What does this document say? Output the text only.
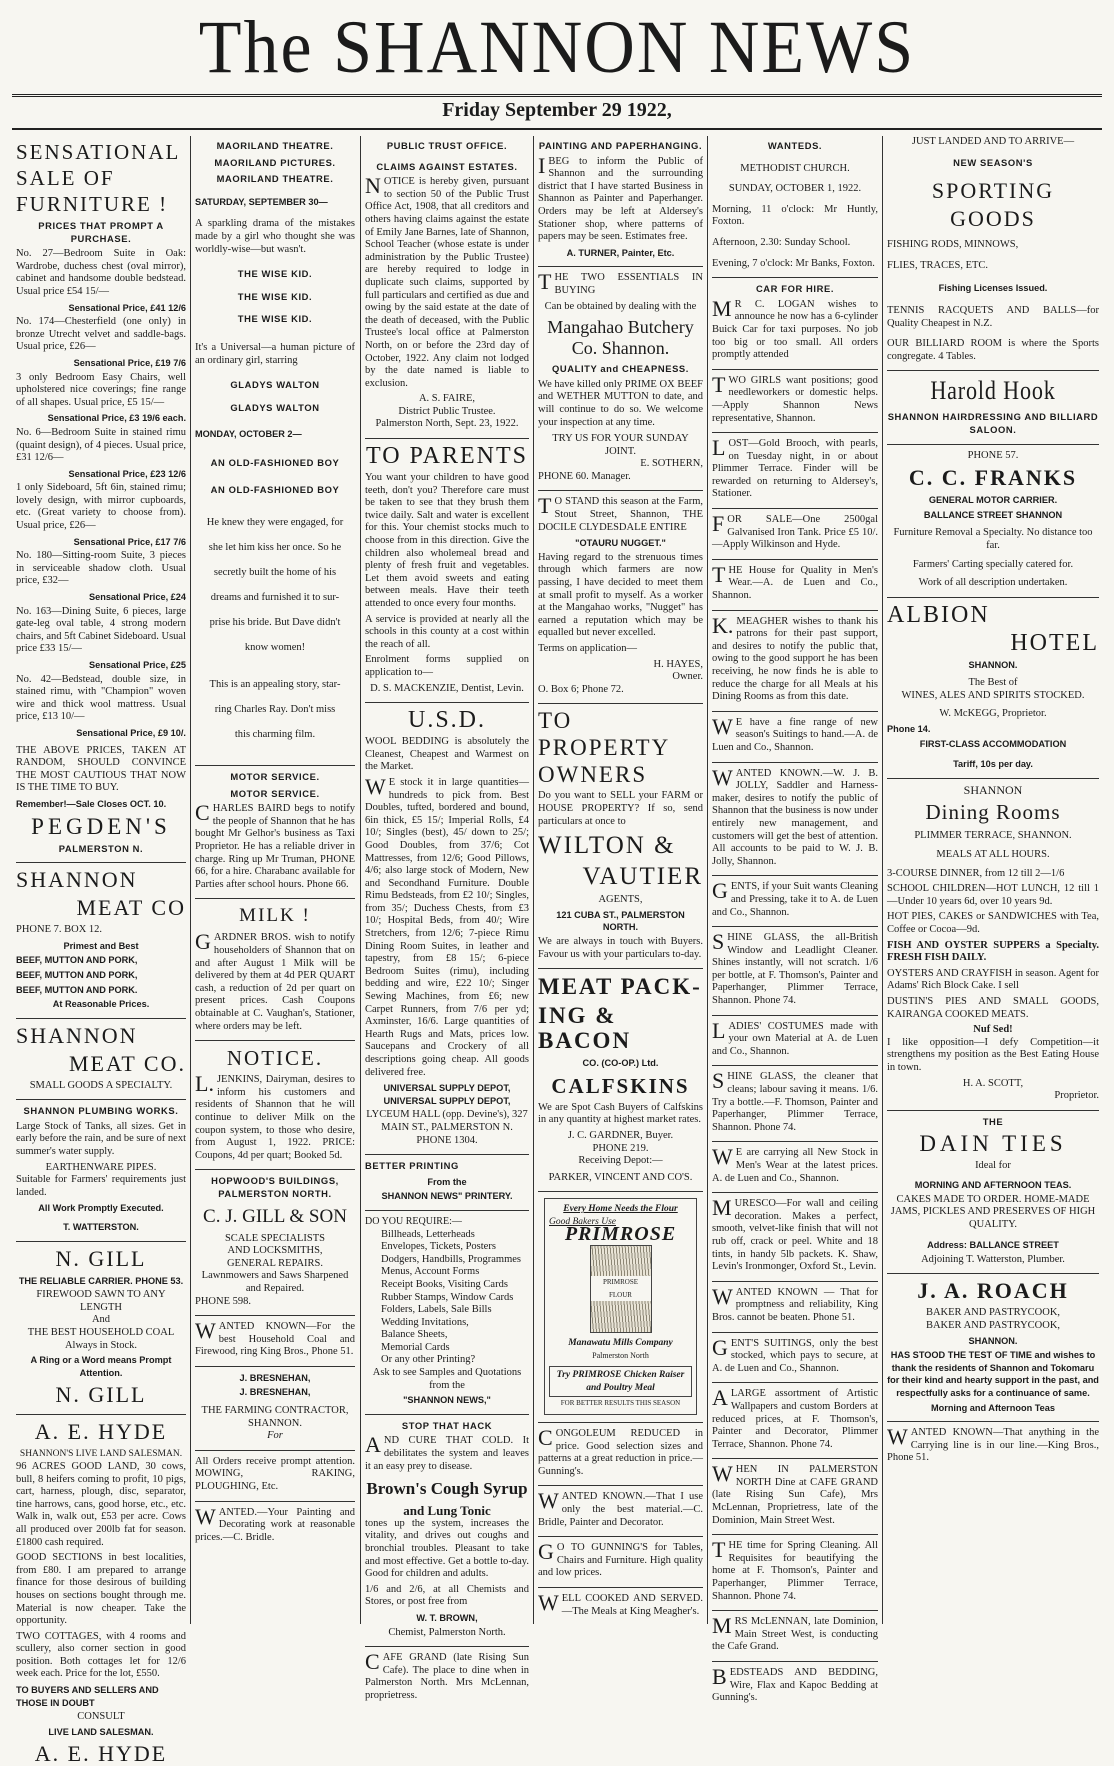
The SHANNON NEWS
Friday September 29 1922,
SENSATIONAL
SALE OF
FURNITURE !
PRICES THAT PROMPT A PURCHASE.
No. 27—Bedroom Suite in Oak: Wardrobe, duchess chest (oval mirror), cabinet and handsome double bedstead. Usual price £54 15/—
Sensational Price, £41 12/6
No. 174—Chesterfield (one only) in bronze Utrecht velvet and saddle-bags. Usual price, £26—
Sensational Price, £19 7/6
3 only Bedroom Easy Chairs, well upholstered nice coverings; fine range of all shapes. Usual price, £5 15/—
Sensational Price, £3 19/6 each.
No. 6—Bedroom Suite in stained rimu (quaint design), of 4 pieces. Usual price, £31 12/6—
Sensational Price, £23 12/6
1 only Sideboard, 5ft 6in, stained rimu; lovely design, with mirror cupboards, etc. (Great variety to choose from). Usual price, £26—
Sensational Price, £17 7/6
No. 180—Sitting-room Suite, 3 pieces in serviceable shadow cloth. Usual price, £32—
Sensational Price, £24
No. 163—Dining Suite, 6 pieces, large gate-leg oval table, 4 strong modern chairs, and 5ft Cabinet Sideboard. Usual price £33 15/—
Sensational Price, £25
No. 42—Bedstead, double size, in stained rimu, with "Champion" woven wire and thick wool mattress. Usual price, £13 10/—
Sensational Price, £9 10/.
THE ABOVE PRICES, TAKEN AT RANDOM, SHOULD CONVINCE THE MOST CAUTIOUS THAT NOW IS THE TIME TO BUY.
Remember!—Sale Closes OCT. 10.
PEGDEN'S
PALMERSTON N.
SHANNON
MEAT CO
PHONE 7. BOX 12.
Primest and Best
BEEF, MUTTON AND PORK,
BEEF, MUTTON AND PORK,
BEEF, MUTTON AND PORK.
At Reasonable Prices.
SHANNON
MEAT CO.
SMALL GOODS A SPECIALTY.
SHANNON PLUMBING WORKS.
Large Stock of Tanks, all sizes. Get in early before the rain, and be sure of next summer's water supply.
EARTHENWARE PIPES.
Suitable for Farmers' requirements just landed.
All Work Promptly Executed.
T. WATTERSTON.
N. GILL
THE RELIABLE CARRIER. PHONE 53.
FIREWOOD SAWN TO ANY LENGTH
And
THE BEST HOUSEHOLD COAL Always in Stock.
A Ring or a Word means Prompt Attention.
N. GILL
A. E. HYDE
SHANNON'S LIVE LAND SALESMAN.
96 ACRES GOOD LAND, 30 cows, bull, 8 heifers coming to profit, 10 pigs, cart, harness, plough, disc, separator, tine harrows, cans, good horse, etc., etc. Walk in, walk out, £53 per acre. Cows all produced over 200lb fat for season. £1800 cash required.
GOOD SECTIONS in best localities, from £80. I am prepared to arrange finance for those desirous of building houses on sections bought through me. Material is now cheaper. Take the opportunity.
TWO COTTAGES, with 4 rooms and scullery, also corner section in good position. Both cottages let for 12/6 week each. Price for the lot, £550.
TO BUYERS AND SELLERS AND THOSE IN DOUBT
CONSULT
LIVE LAND SALESMAN.
A. E. HYDE
MAORILAND THEATRE.
MAORILAND PICTURES.
MAORILAND THEATRE.
SATURDAY, SEPTEMBER 30—
A sparkling drama of the mistakes made by a girl who thought she was worldly-wise—but wasn't.
THE WISE KID.
THE WISE KID.
THE WISE KID.
It's a Universal—a human picture of an ordinary girl, starring
GLADYS WALTON
GLADYS WALTON
MONDAY, OCTOBER 2—
AN OLD-FASHIONED BOY
AN OLD-FASHIONED BOY
He knew they were engaged, for
she let him kiss her once. So he
secretly built the home of his
dreams and furnished it to sur-
prise his bride. But Dave didn't
know women!
This is an appealing story, star-
ring Charles Ray. Don't miss
this charming film.
MOTOR SERVICE.
MOTOR SERVICE.
CHARLES BAIRD begs to notify the people of Shannon that he has bought Mr Gelhor's business as Taxi Proprietor. He has a reliable driver in charge. Ring up Mr Truman, PHONE 66, for a hire. Charabanc available for Parties after school hours. Phone 66.
MILK !
GARDNER BROS. wish to notify householders of Shannon that on and after August 1 Milk will be delivered by them at 4d PER QUART cash, a reduction of 2d per quart on present prices. Cash Coupons obtainable at C. Vaughan's, Stationer, where orders may be left.
NOTICE.
L.JENKINS, Dairyman, desires to inform his customers and residents of Shannon that he will continue to deliver Milk on the coupon system, to those who desire, from August 1, 1922. PRICE: Coupons, 4d per quart; Booked 5d.
HOPWOOD'S BUILDINGS, PALMERSTON NORTH.
C. J. GILL & SON
SCALE SPECIALISTS
AND LOCKSMITHS,
GENERAL REPAIRS.
Lawnmowers and Saws Sharpened and Repaired.
PHONE 598.
WANTED KNOWN—For the best Household Coal and Firewood, ring King Bros., Phone 51.
J. BRESNEHAN,
J. BRESNEHAN,
THE FARMING CONTRACTOR, SHANNON.
For
All Orders receive prompt attention. MOWING, RAKING, PLOUGHING, Etc.
WANTED.—Your Painting and Decorating work at reasonable prices.—C. Bridle.
PUBLIC TRUST OFFICE.
CLAIMS AGAINST ESTATES.
NOTICE is hereby given, pursuant to section 50 of the Public Trust Office Act, 1908, that all creditors and others having claims against the estate of Emily Jane Barnes, late of Shannon, School Teacher (whose estate is under administration by the Public Trustee) are hereby required to lodge in duplicate such claims, supported by full particulars and certified as due and owing by the said estate at the date of the death of deceased, with the Public Trustee's local office at Palmerston North, on or before the 23rd day of October, 1922. Any claim not lodged by the date named is liable to exclusion.
A. S. FAIRE,
District Public Trustee.
Palmerston North, Sept. 23, 1922.
TO PARENTS
You want your children to have good teeth, don't you? Therefore care must be taken to see that they brush them twice daily. Salt and water is excellent for this. Your chemist stocks much to choose from in this direction. Give the children also wholemeal bread and plenty of fresh fruit and vegetables. Let them avoid sweets and eating between meals. Have their teeth attended to once every four months.
A service is provided at nearly all the schools in this county at a cost within the reach of all.
Enrolment forms supplied on application to—
D. S. MACKENZIE, Dentist, Levin.
U.S.D.
WOOL BEDDING is absolutely the Cleanest, Cheapest and Warmest on the Market.
WE stock it in large quantities—hundreds to pick from. Best Doubles, tufted, bordered and bound, 6in thick, £5 15/; Imperial Rolls, £4 10/; Singles (best), 45/ down to 25/; Good Doubles, from 37/6; Cot Mattresses, from 12/6; Good Pillows, 4/6; also large stock of Modern, New and Secondhand Furniture. Double Rimu Bedsteads, from £2 10/; Singles, from 35/; Duchess Chests, from £3 10/; Hospital Beds, from 40/; Wire Stretchers, from 12/6; 7-piece Rimu Dining Room Suites, in leather and tapestry, from £8 15/; 6-piece Bedroom Suites (rimu), including bedding and wire, £22 10/; Singer Sewing Machines, from £6; new Carpet Runners, from 7/6 per yd; Axminster, 16/6. Large quantities of Hearth Rugs and Mats, prices low. Saucepans and Crockery of all descriptions going cheap. All goods delivered free.
UNIVERSAL SUPPLY DEPOT, UNIVERSAL SUPPLY DEPOT,
LYCEUM HALL (opp. Devine's), 327 MAIN ST., PALMERSTON N. PHONE 1304.
BETTER PRINTING
From the
SHANNON NEWS" PRINTERY.
DO YOU REQUIRE:—
Billheads, Letterheads
Envelopes, Tickets, Posters
Dodgers, Handbills, Programmes
Menus, Account Forms
Receipt Books, Visiting Cards
Rubber Stamps, Window Cards
Folders, Labels, Sale Bills
Wedding Invitations,
Balance Sheets,
Memorial Cards
Or any other Printing?
Ask to see Samples and Quotations from the
"SHANNON NEWS,"
STOP THAT HACK
AND CURE THAT COLD. It debilitates the system and leaves it an easy prey to disease.
Brown's Cough Syrup
and Lung Tonic
tones up the system, increases the vitality, and drives out coughs and bronchial troubles. Pleasant to take and most effective. Get a bottle to-day. Good for children and adults.
1/6 and 2/6, at all Chemists and Stores, or post free from
W. T. BROWN,
Chemist, Palmerston North.
CAFE GRAND (late Rising Sun Cafe). The place to dine when in Palmerston North. Mrs McLennan, proprietress.
PAINTING AND PAPERHANGING.
IBEG to inform the Public of Shannon and the surrounding district that I have started Business in Shannon as Painter and Paperhanger. Orders may be left at Aldersey's Stationer shop, where patterns of papers may be seen. Estimates free.
A. TURNER, Painter, Etc.
THE TWO ESSENTIALS IN BUYING
Can be obtained by dealing with the
Mangahao Butchery Co. Shannon.
QUALITY and CHEAPNESS.
We have killed only PRIME OX BEEF and WETHER MUTTON to date, and will continue to do so. We welcome your inspection at any time.
TRY US FOR YOUR SUNDAY JOINT.
E. SOTHERN,
PHONE 60. Manager.
TO STAND this season at the Farm, Stout Street, Shannon, THE DOCILE CLYDESDALE ENTIRE
"OTAURU NUGGET."
Having regard to the strenuous times through which farmers are now passing, I have decided to meet them at small profit to myself. As a worker at the Mangahao works, "Nugget" has earned a reputation which may be equalled but never excelled.
Terms on application—
H. HAYES,
Owner.
O. Box 6; Phone 72.
TO
PROPERTY
OWNERS
Do you want to SELL your FARM or HOUSE PROPERTY? If so, send particulars at once to
WILTON &
VAUTIER
AGENTS,
121 CUBA ST., PALMERSTON NORTH.
We are always in touch with Buyers. Favour us with your particulars to-day.
MEAT PACK-
ING & BACON
CO. (CO-OP.) Ltd.
CALFSKINS
We are Spot Cash Buyers of Calfskins in any quantity at highest market rates.
J. C. GARDNER, Buyer.
PHONE 219.
Receiving Depot:—
PARKER, VINCENT AND CO'S.
Every Home Needs the Flour
Good Bakers Use
PRIMROSE
PRIMROSE
FLOUR
Manawatu Mills Company
Palmerston North
Try PRIMROSE Chicken Raiser and Poultry Meal
FOR BETTER RESULTS THIS SEASON
CONGOLEUM REDUCED in price. Good selection sizes and patterns at a great reduction in price.—Gunning's.
WANTED KNOWN.—That I use only the best material.—C. Bridle, Painter and Decorator.
GO TO GUNNING'S for Tables, Chairs and Furniture. High quality and low prices.
WELL COOKED AND SERVED.—The Meals at King Meagher's.
WANTEDS.
METHODIST CHURCH.
SUNDAY, OCTOBER 1, 1922.
Morning, 11 o'clock: Mr Huntly, Foxton.
Afternoon, 2.30: Sunday School.
Evening, 7 o'clock: Mr Banks, Foxton.
CAR FOR HIRE.
MR C. LOGAN wishes to announce he now has a 6-cylinder Buick Car for taxi purposes. No job too big or too small. All orders promptly attended
TWO GIRLS want positions; good needleworkers or domestic helps.—Apply Shannon News representative, Shannon.
LOST—Gold Brooch, with pearls, on Tuesday night, in or about Plimmer Terrace. Finder will be rewarded on returning to Aldersey's, Stationer.
FOR SALE—One 2500gal Galvanised Iron Tank. Price £5 10/.—Apply Wilkinson and Hyde.
THE House for Quality in Men's Wear.—A. de Luen and Co., Shannon.
K.MEAGHER wishes to thank his patrons for their past support, and desires to notify the public that, owing to the good support he has been receiving, he now finds he is able to reduce the charge for all Meals at his Dining Rooms as from this date.
WE have a fine range of new season's Suitings to hand.—A. de Luen and Co., Shannon.
WANTED KNOWN.—W. J. B. JOLLY, Saddler and Harness-maker, desires to notify the public of Shannon that the business is now under entirely new management, and customers will get the best of attention. All accounts to be paid to W. J. B. Jolly, Shannon.
GENTS, if your Suit wants Cleaning and Pressing, take it to A. de Luen and Co., Shannon.
SHINE GLASS, the all-British Window and Leadlight Cleaner. Shines instantly, will not scratch. 1/6 per bottle, at F. Thomson's, Painter and Paperhanger, Plimmer Terrace, Shannon. Phone 74.
LADIES' COSTUMES made with your own Material at A. de Luen and Co., Shannon.
SHINE GLASS, the cleaner that cleans; labour saving it means. 1/6. Try a bottle.—F. Thomson, Painter and Paperhanger, Plimmer Terrace, Shannon. Phone 74.
WE are carrying all New Stock in Men's Wear at the latest prices. A. de Luen and Co., Shannon.
MURESCO—For wall and ceiling decoration. Makes a perfect, smooth, velvet-like finish that will not rub off, crack or peel. White and 18 tints, in handy 5lb packets. K. Shaw, Levin's Ironmonger, Oxford St., Levin.
WANTED KNOWN — That for promptness and reliability, King Bros. cannot be beaten. Phone 51.
GENT'S SUITINGS, only the best stocked, which pays to secure, at A. de Luen and Co., Shannon.
ALARGE assortment of Artistic Wallpapers and custom Borders at reduced prices, at F. Thomson's, Painter and Decorator, Plimmer Terrace, Shannon. Phone 74.
WHEN IN PALMERSTON NORTH Dine at CAFE GRAND (late Rising Sun Cafe), Mrs McLennan, Proprietress, late of the Dominion, Main Street West.
THE time for Spring Cleaning. All Requisites for beautifying the home at F. Thomson's, Painter and Paperhanger, Plimmer Terrace, Shannon. Phone 74.
MRS McLENNAN, late Dominion, Main Street West, is conducting the Cafe Grand.
BEDSTEADS AND BEDDING, Wire, Flax and Kapoc Bedding at Gunning's.
JUST LANDED AND TO ARRIVE—
NEW SEASON'S
SPORTING
GOODS
FISHING RODS, MINNOWS,
FLIES, TRACES, ETC.
Fishing Licenses Issued.
TENNIS RACQUETS AND BALLS—for Quality Cheapest in N.Z.
OUR BILLIARD ROOM is where the Sports congregate. 4 Tables.
Harold Hook
SHANNON HAIRDRESSING AND BILLIARD SALOON.
PHONE 57.
C. C. FRANKS
GENERAL MOTOR CARRIER.
BALLANCE STREET SHANNON
Furniture Removal a Specialty. No distance too far.
Farmers' Carting specially catered for.
Work of all description undertaken.
ALBION
HOTEL
SHANNON.
The Best of
WINES, ALES AND SPIRITS STOCKED.
W. McKEGG, Proprietor.
Phone 14.
FIRST-CLASS ACCOMMODATION
Tariff, 10s per day.
SHANNON
Dining Rooms
PLIMMER TERRACE, SHANNON.
MEALS AT ALL HOURS.
3-COURSE DINNER, from 12 till 2—1/6
SCHOOL CHILDREN—HOT LUNCH, 12 till 1—Under 10 years 6d, over 10 years 9d.
HOT PIES, CAKES or SANDWICHES with Tea, Coffee or Cocoa—9d.
FISH AND OYSTER SUPPERS a Specialty. FRESH FISH DAILY.
OYSTERS AND CRAYFISH in season. Agent for Adams' Rich Block Cake. I sell
DUSTIN'S PIES AND SMALL GOODS, KAIRANGA COOKED MEATS.
Nuf Sed!
I like opposition—I defy Competition—it strengthens my position as the Best Eating House in town.
H. A. SCOTT,
Proprietor.
THE
DAIN TIES
Ideal for
MORNING AND AFTERNOON TEAS.
CAKES MADE TO ORDER. HOME-MADE JAMS, PICKLES AND PRESERVES OF HIGH QUALITY.
Address: BALLANCE STREET
Adjoining T. Watterston, Plumber.
J. A. ROACH
BAKER AND PASTRYCOOK,
BAKER AND PASTRYCOOK,
SHANNON.
HAS STOOD THE TEST OF TIME and wishes to thank the residents of Shannon and Tokomaru for their kind and hearty support in the past, and respectfully asks for a continuance of same.
Morning and Afternoon Teas
WANTED KNOWN—That anything in the Carrying line is in our line.—King Bros., Phone 51.
